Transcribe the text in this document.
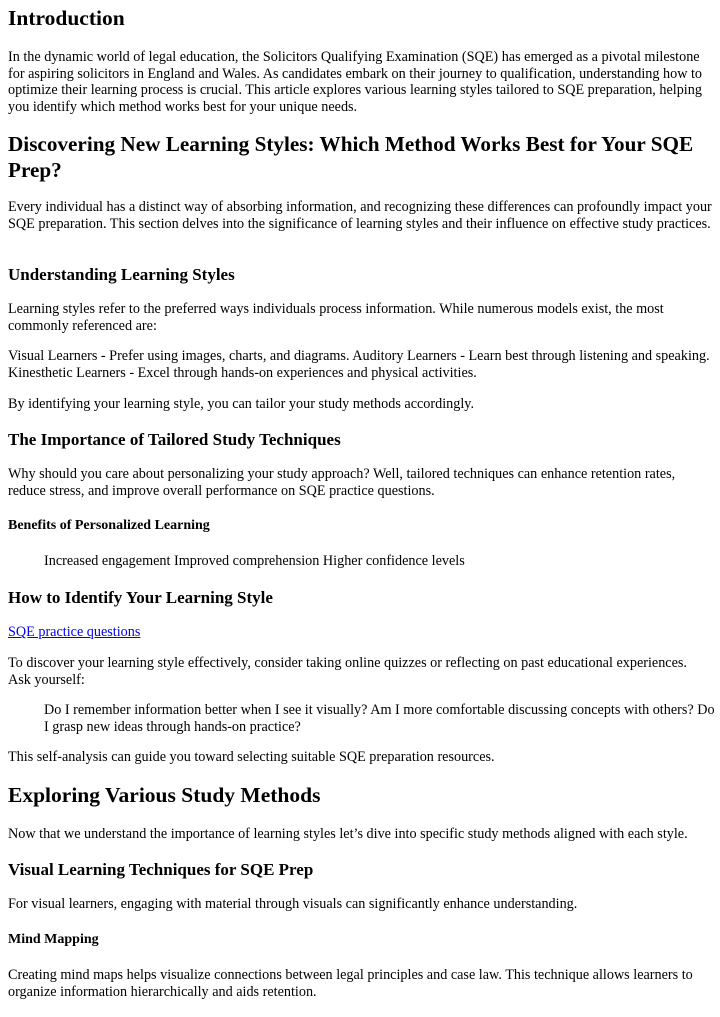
Introduction

In the dynamic world of legal education, the Solicitors Qualifying Examination (SQE) has emerged as a pivotal milestone for aspiring solicitors in England and Wales. As candidates embark on their journey to qualification, understanding how to optimize their learning process is crucial. This article explores various learning styles tailored to SQE preparation, helping you identify which method works best for your unique needs.

Discovering New Learning Styles: Which Method Works Best for Your SQE Prep?

Every individual has a distinct way of absorbing information, and recognizing these differences can profoundly impact your SQE preparation. This section delves into the significance of learning styles and their influence on effective study practices.

Understanding Learning Styles

Learning styles refer to the preferred ways individuals process information. While numerous models exist, the most commonly referenced are:

Visual Learners - Prefer using images, charts, and diagrams. Auditory Learners - Learn best through listening and speaking. Kinesthetic Learners - Excel through hands-on experiences and physical activities.

By identifying your learning style, you can tailor your study methods accordingly.

The Importance of Tailored Study Techniques

Why should you care about personalizing your study approach? Well, tailored techniques can enhance retention rates, reduce stress, and improve overall performance on SQE practice questions.

Benefits of Personalized Learning

Increased engagement Improved comprehension Higher confidence levels

How to Identify Your Learning Style

SQE practice questions

To discover your learning style effectively, consider taking online quizzes or reflecting on past educational experiences. Ask yourself:

Do I remember information better when I see it visually? Am I more comfortable discussing concepts with others? Do I grasp new ideas through hands-on practice?

This self-analysis can guide you toward selecting suitable SQE preparation resources.

Exploring Various Study Methods

Now that we understand the importance of learning styles let’s dive into specific study methods aligned with each style.

Visual Learning Techniques for SQE Prep

For visual learners, engaging with material through visuals can significantly enhance understanding.

Mind Mapping

Creating mind maps helps visualize connections between legal principles and case law. This technique allows learners to organize information hierarchically and aids retention.
